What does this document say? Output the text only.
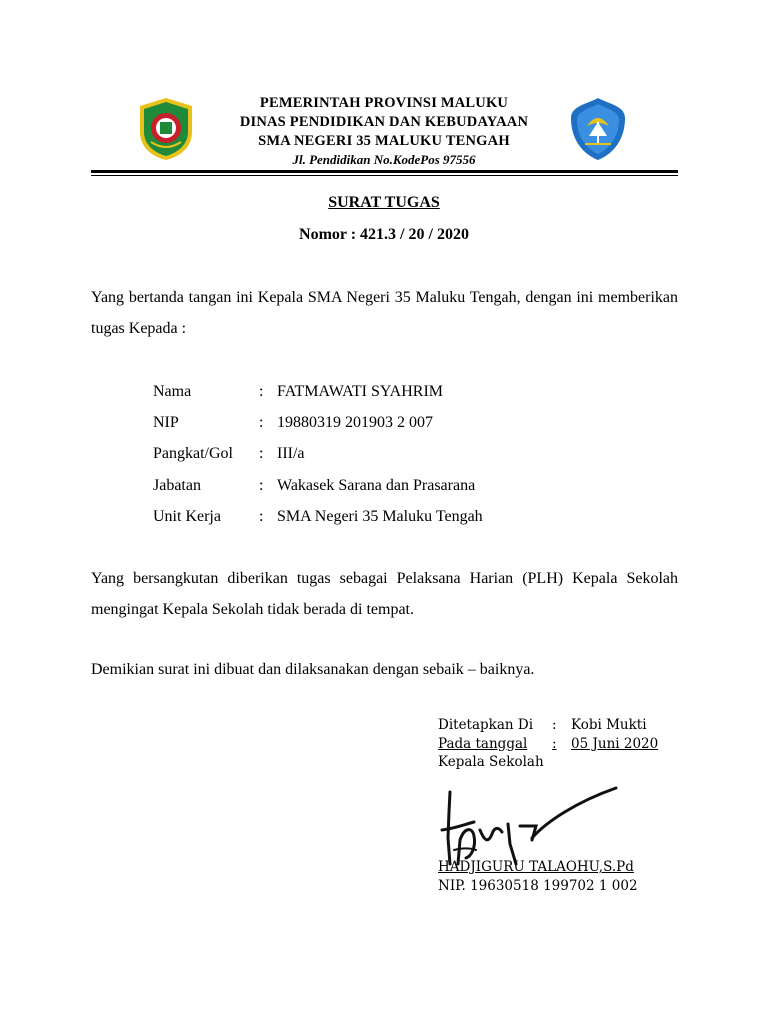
PEMERINTAH PROVINSI MALUKU
DINAS PENDIDIKAN DAN KEBUDAYAAN
SMA NEGERI 35 MALUKU TENGAH
Jl. Pendidikan No.KodePos 97556
SURAT TUGAS
Nomor : 421.3 / 20 / 2020
Yang bertanda tangan ini Kepala SMA Negeri 35 Maluku Tengah, dengan ini memberikan tugas Kepada :
Nama	: FATMAWATI SYAHRIM
NIP	: 19880319 201903 2 007
Pangkat/Gol	: III/a
Jabatan	: Wakasek Sarana dan Prasarana
Unit Kerja	: SMA Negeri 35 Maluku Tengah
Yang bersangkutan diberikan tugas sebagai Pelaksana Harian (PLH) Kepala Sekolah mengingat Kepala Sekolah tidak berada di tempat.
Demikian surat ini dibuat dan dilaksanakan dengan sebaik – baiknya.
Ditetapkan Di	:	Kobi Mukti
Pada tanggal	:	05 Juni 2020
Kepala Sekolah
HADJIGURU TALAOHU,S.Pd
NIP. 19630518 199702 1 002
